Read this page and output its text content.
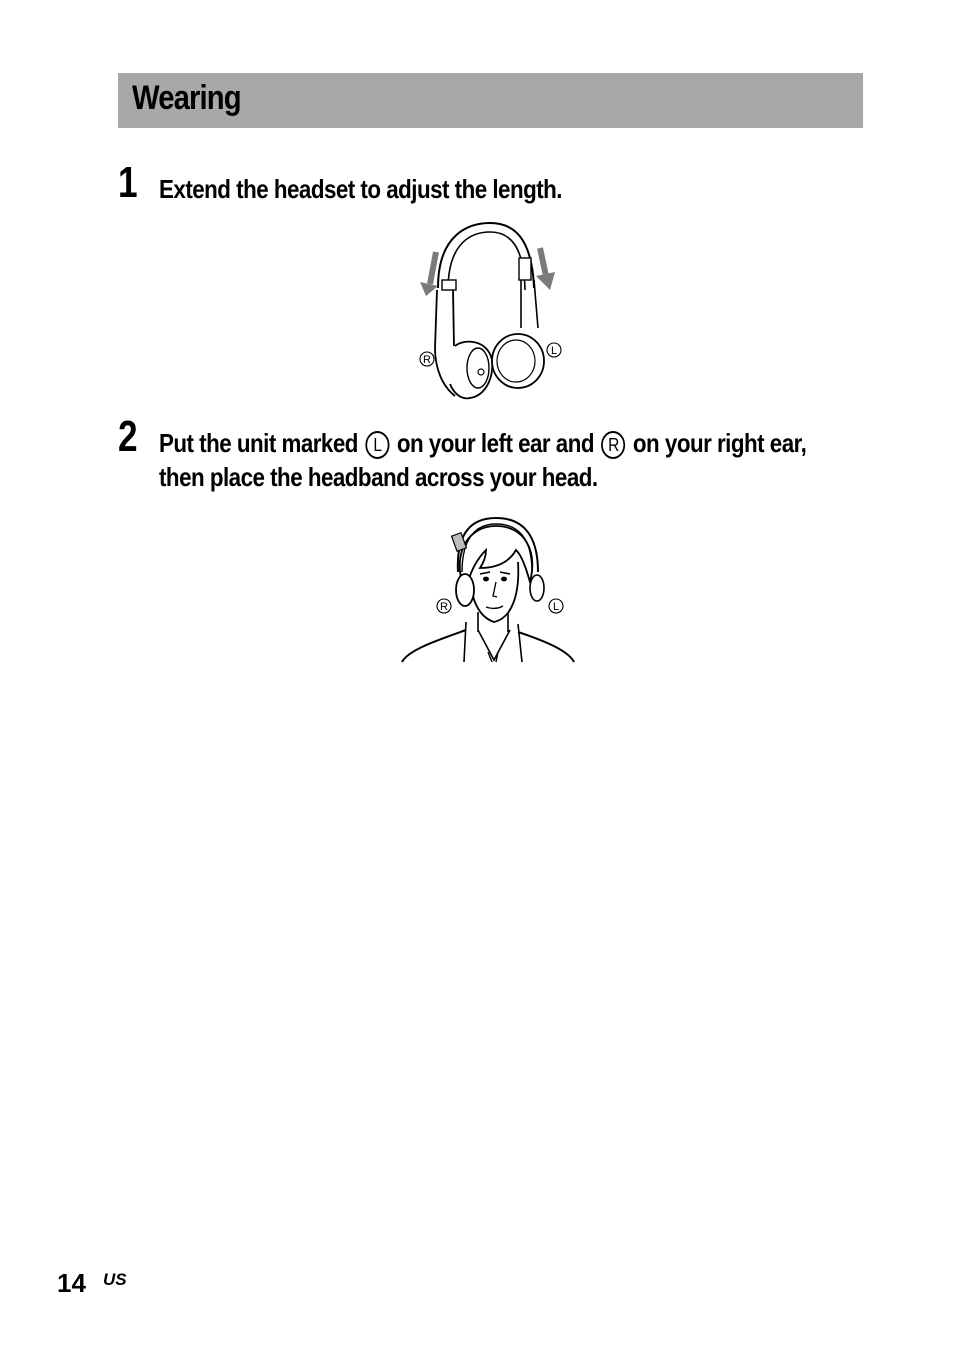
Wearing
1 Extend the headset to adjust the length.
R
L
2 Put the unit marked L on your left ear and R on your right ear,
then place the headband across your head.
R	L
14 US
